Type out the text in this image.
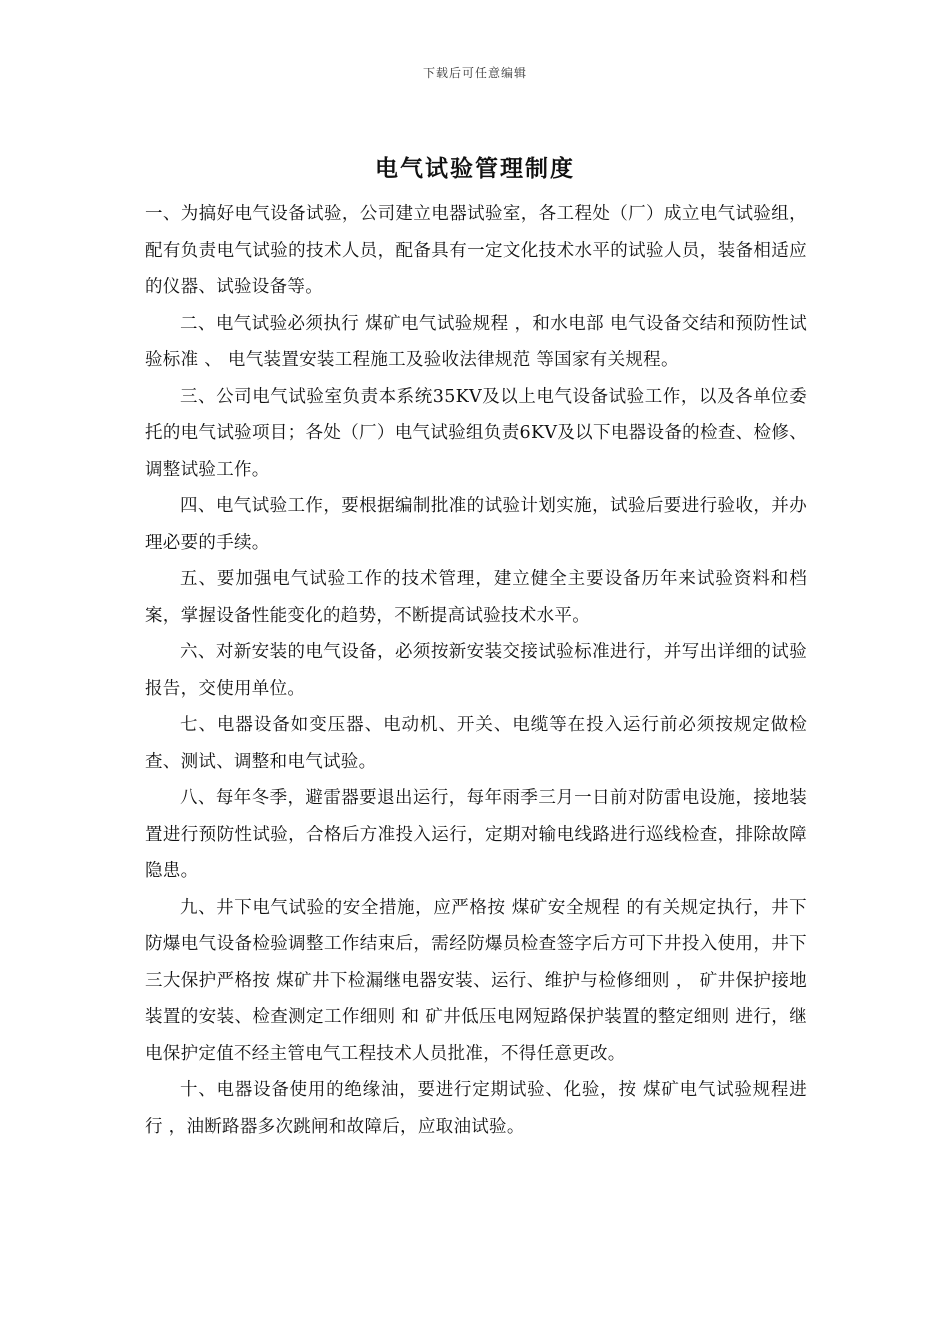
下载后可任意编辑
电气试验管理制度

一、为搞好电气设备试验，公司建立电器试验室，各工程处（厂）成立电气试验组，配有负责电气试验的技术人员，配备具有一定文化技术水平的试验人员，装备相适应的仪器、试验设备等。

二、电气试验必须执行 煤矿电气试验规程 ，和水电部 电气设备交结和预防性试验标准 、 电气装置安装工程施工及验收法律规范 等国家有关规程。

三、公司电气试验室负责本系统35KV及以上电气设备试验工作，以及各单位委托的电气试验项目；各处（厂）电气试验组负责6KV及以下电器设备的检查、检修、调整试验工作。

四、电气试验工作，要根据编制批准的试验计划实施，试验后要进行验收，并办理必要的手续。

五、要加强电气试验工作的技术管理，建立健全主要设备历年来试验资料和档案，掌握设备性能变化的趋势，不断提高试验技术水平。

六、对新安装的电气设备，必须按新安装交接试验标准进行，并写出详细的试验报告，交使用单位。

七、电器设备如变压器、电动机、开关、电缆等在投入运行前必须按规定做检查、测试、调整和电气试验。

八、每年冬季，避雷器要退出运行，每年雨季三月一日前对防雷电设施，接地装置进行预防性试验，合格后方准投入运行，定期对输电线路进行巡线检查，排除故障隐患。

九、井下电气试验的安全措施，应严格按 煤矿安全规程 的有关规定执行，井下防爆电气设备检验调整工作结束后，需经防爆员检查签字后方可下井投入使用，井下三大保护严格按 煤矿井下检漏继电器安装、运行、维护与检修细则 ， 矿井保护接地装置的安装、检查测定工作细则 和 矿井低压电网短路保护装置的整定细则 进行，继电保护定值不经主管电气工程技术人员批准，不得任意更改。

十、电器设备使用的绝缘油，要进行定期试验、化验，按 煤矿电气试验规程进行 ，油断路器多次跳闸和故障后，应取油试验。
